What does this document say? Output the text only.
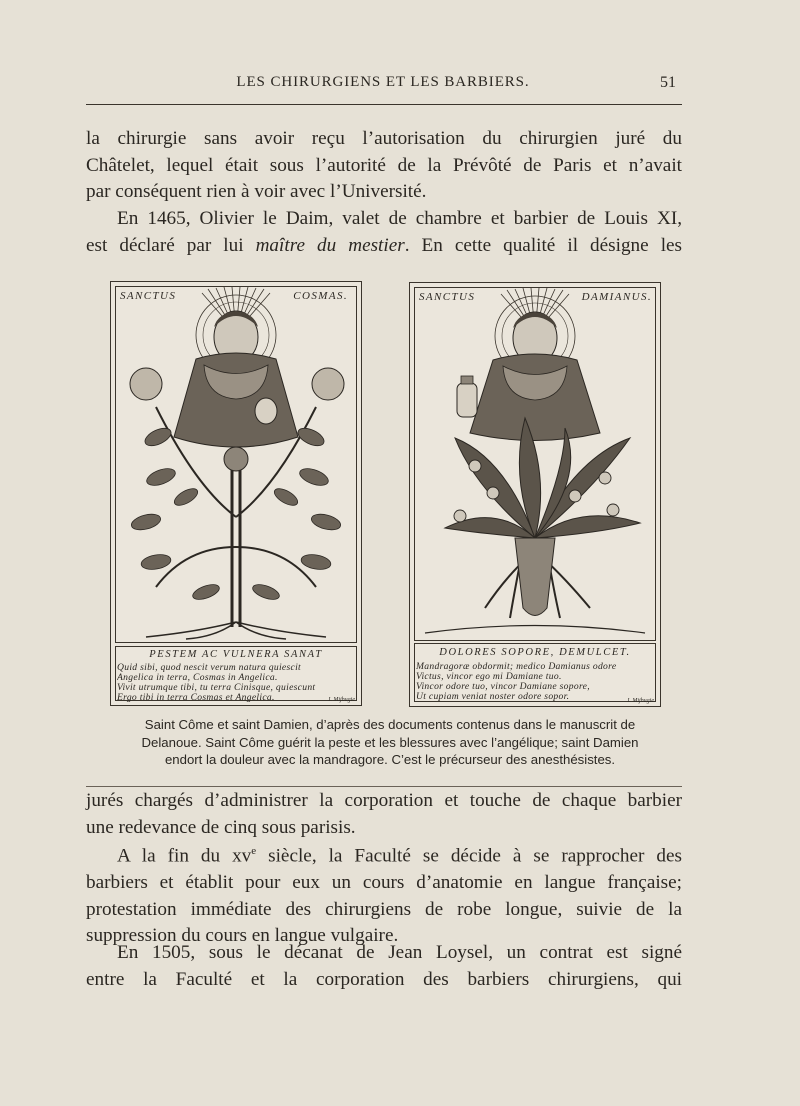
LES CHIRURGIENS ET LES BARBIERS.	51

la chirurgie sans avoir reçu l’autorisation du chirurgien juré du
Châtelet, lequel était sous l’autorité de la Prévôté de Paris et n’avait
par conséquent rien à voir avec l’Université.

En 1465, Olivier le Daim, valet de chambre et barbier de Louis XI,
est déclaré par lui maître du mestier. En cette qualité il désigne les

SANCTUS	COSMAS.
PESTEM AC VULNERA SANAT
Quid sibi, quod nescit verum natura quiescit
Angelica in terra, Cosmas in Angelica.
Vivit utrumque tibi, tu terra Cinisque, quiescunt
Ergo tibi in terra Cosmas et Angelica.	I. Mijbugie
SANCTUS	DAMIANUS.
DOLORES SOPORE, DEMULCET.
Mandragoræ obdormit; medico Damianus odore
Victus, vincor ego mi Damiane tuo.
Vincor odore tuo, vincor Damiane sopore,
Ut cupiam veniat noster odore sopor.	I. Mijbugie
Saint Côme et saint Damien, d’après des documents contenus dans le manuscrit de
Delanoue. Saint Côme guérit la peste et les blessures avec l’angélique; saint Damien
endort la douleur avec la mandragore. C’est le précurseur des anesthésistes.

jurés chargés d’administrer la corporation et touche de chaque barbier
une redevance de cinq sous parisis.

A la fin du $xv^e$ siècle, la Faculté se décide à se rapprocher des
barbiers et établit pour eux un cours d’anatomie en langue française;
protestation immédiate des chirurgiens de robe longue, suivie de la
suppression du cours en langue vulgaire.

En 1505, sous le décanat de Jean Loysel, un contrat est signé
entre la Faculté et la corporation des barbiers chirurgiens, qui
